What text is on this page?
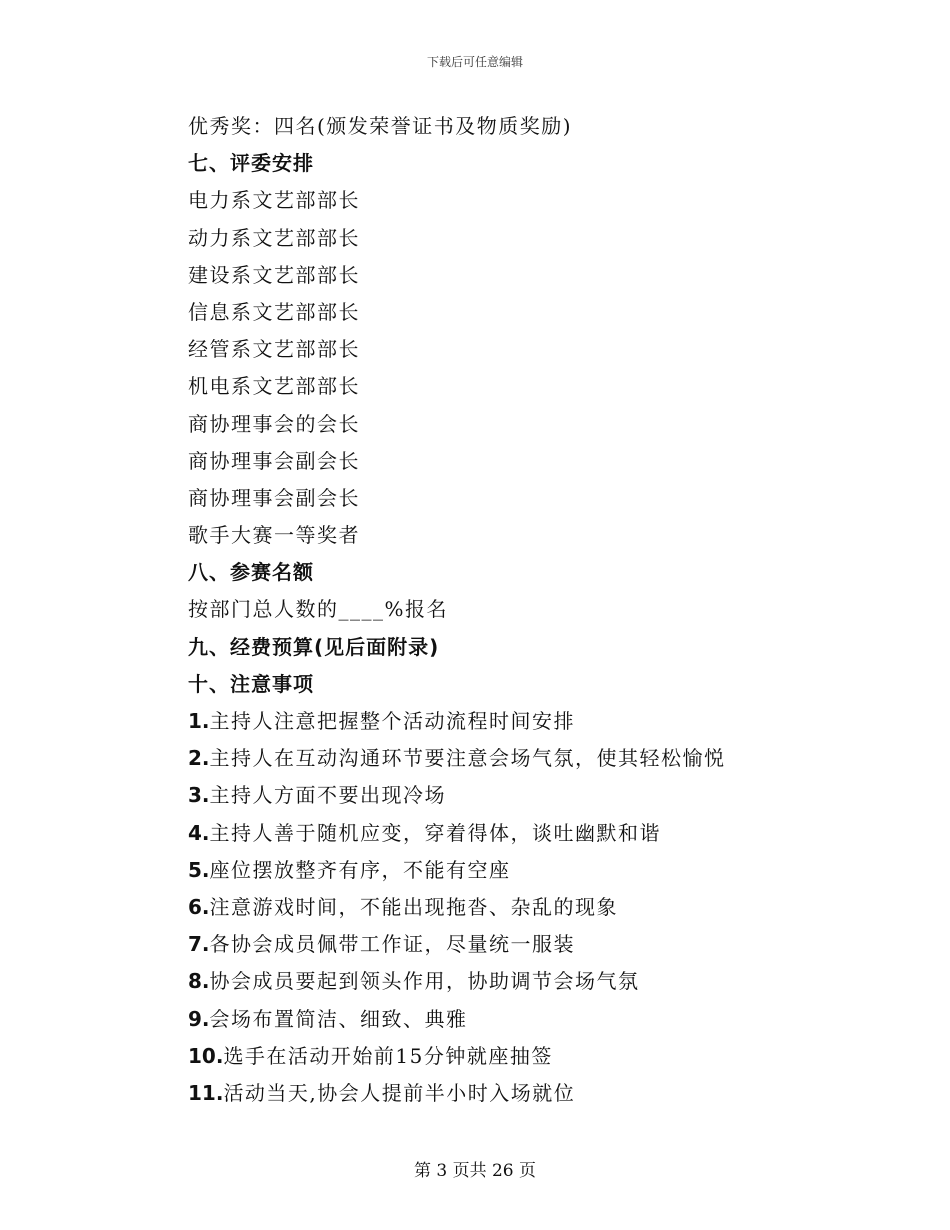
下载后可任意编辑
优秀奖：四名(颁发荣誉证书及物质奖励)
七、评委安排
电力系文艺部部长
动力系文艺部部长
建设系文艺部部长
信息系文艺部部长
经管系文艺部部长
机电系文艺部部长
商协理事会的会长
商协理事会副会长
商协理事会副会长
歌手大赛一等奖者
八、参赛名额
按部门总人数的____%报名
九、经费预算(见后面附录)
十、注意事项
1.主持人注意把握整个活动流程时间安排
2.主持人在互动沟通环节要注意会场气氛，使其轻松愉悦
3.主持人方面不要出现冷场
4.主持人善于随机应变，穿着得体，谈吐幽默和谐
5.座位摆放整齐有序，不能有空座
6.注意游戏时间，不能出现拖沓、杂乱的现象
7.各协会成员佩带工作证，尽量统一服装
8.协会成员要起到领头作用，协助调节会场气氛
9.会场布置简洁、细致、典雅
10.选手在活动开始前15分钟就座抽签
11.活动当天,协会人提前半小时入场就位
第 3 页共 26 页
